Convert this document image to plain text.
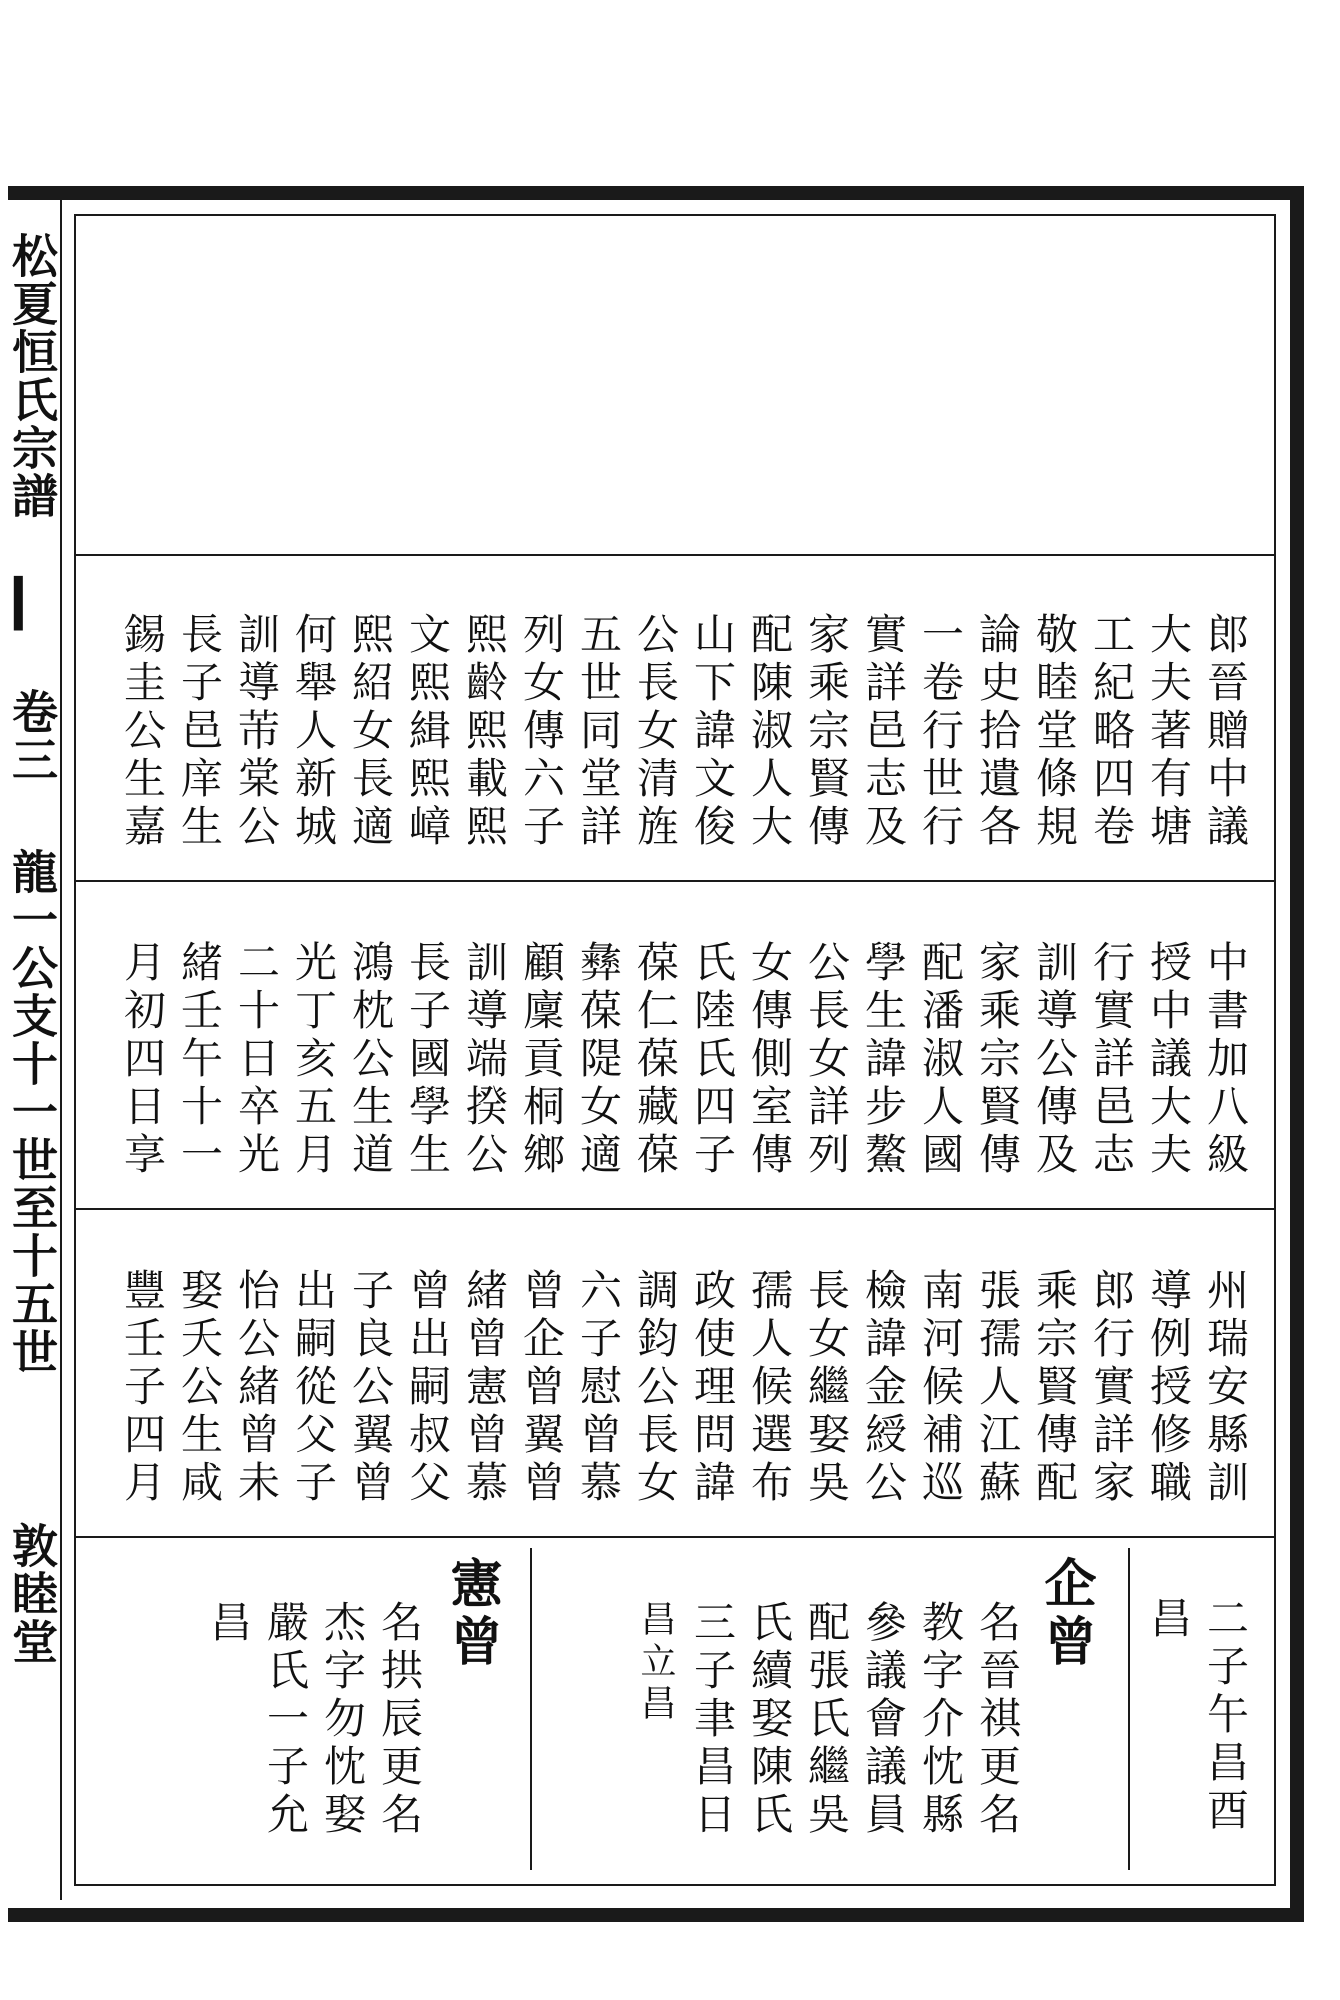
松夏恒氏宗譜 ▎ 卷三 龍一公支十一世至十五世 敦睦堂
郎晉贈中議
大夫著有塘
工紀略四卷
敬睦堂條規
論史拾遺各
一卷行世行
實詳邑志及
家乘宗賢傳
配陳淑人大
山下諱文俊
公長女清旌
五世同堂詳
列女傳六子
熙齡熙載熙
文熙緝熙嶂
熙紹女長適
何舉人新城
訓導芾棠公
長子邑庠生
錫圭公生嘉
中書加八級
授中議大夫
行實詳邑志
訓導公傳及
家乘宗賢傳
配潘淑人國
學生諱步鰲
公長女詳列
女傳側室傳
氏陸氏四子
葆仁葆藏葆
彝葆隄女適
顧廩貢桐鄉
訓導端揆公
長子國學生
鴻枕公生道
光丁亥五月
二十日卒光
緒壬午十一
月初四日享
州瑞安縣訓
導例授修職
郎行實詳家
乘宗賢傳配
張孺人江蘇
南河候補巡
檢諱金綬公
長女繼娶吳
孺人候選布
政使理問諱
調鈞公長女
六子慰曾慕
曾企曾翼曾
緒曾憲曾慕
曾出嗣叔父
子良公翼曾
出嗣從父子
怡公緒曾未
娶夭公生咸
豐壬子四月
二子午昌酉
昌
企曾
名晉祺更名
教字介忱縣
參議會議員
配張氏繼吳
氏續娶陳氏
三子聿昌日
昌立昌
憲曾
名拱辰更名
杰字勿忱娶
嚴氏一子允
昌
